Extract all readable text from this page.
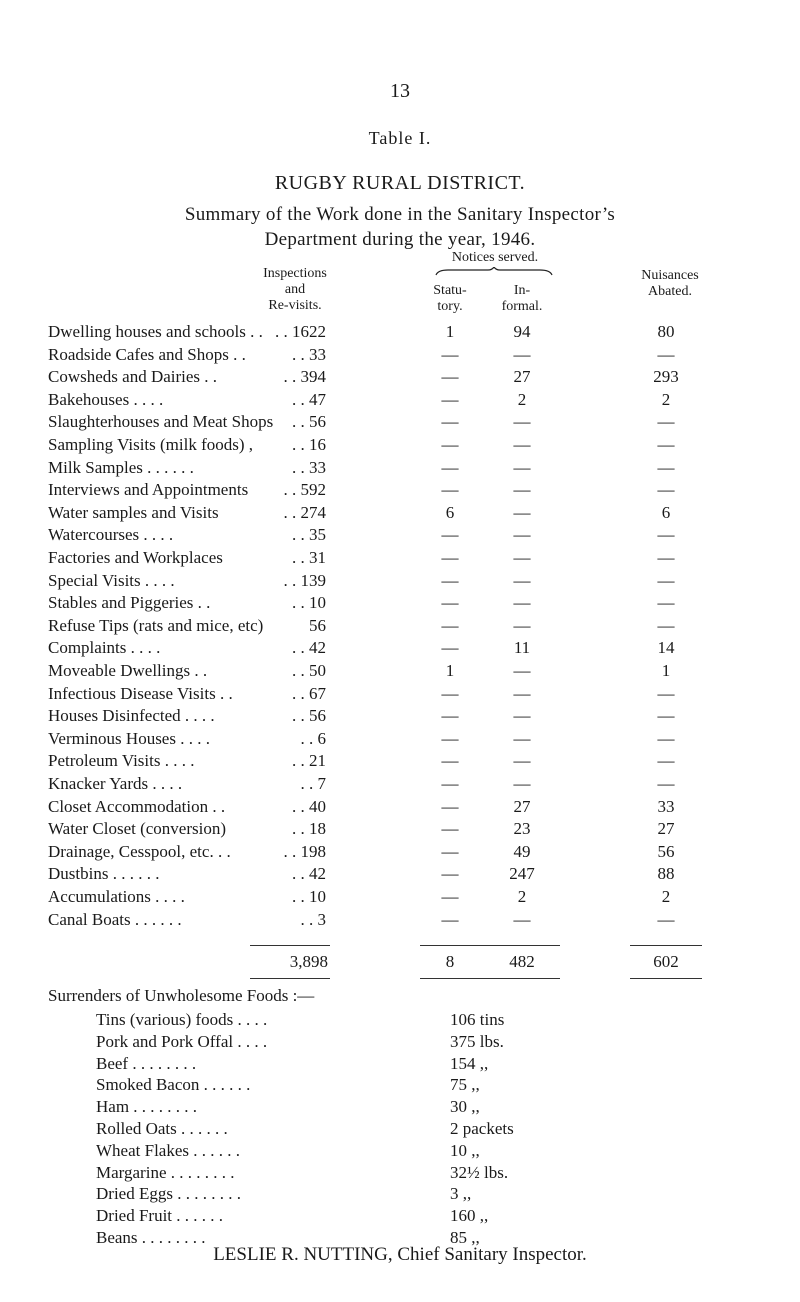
13
Table I.
RUGBY RURAL DISTRICT.
Summary of the Work done in the Sanitary Inspector’s
Department during the year, 1946.
Inspections
and
Re-visits.
Notices served.
Statu-
tory.
In-
formal.
Nuisances
Abated.
Dwelling houses and schools . . . . 1622	1	94	80
Roadside Cafes and Shops . .	. . 33	—	—	—
Cowsheds and Dairies . .	. . 394	—	27	293
Bakehouses . . . .	. . 47	—	2	2
Slaughterhouses and Meat Shops	. . 56	—	—	—
Sampling Visits (milk foods) ,	. . 16	—	—	—
Milk Samples . . . . . .	. . 33	—	—	—
Interviews and Appointments	. . 592	—	—	—
Water samples and Visits	. . 274	6	—	6
Watercourses . . . .	. . 35	—	—	—
Factories and Workplaces	. . 31	—	—	—
Special Visits . . . .	. . 139	—	—	—
Stables and Piggeries . .	. . 10	—	—	—
Refuse Tips (rats and mice, etc)	56	—	—	—
Complaints . . . .	. . 42	—	11	14
Moveable Dwellings . .	. . 50	1	—	1
Infectious Disease Visits . .	. . 67	—	—	—
Houses Disinfected . . . .	. . 56	—	—	—
Verminous Houses . . . .	. . 6	—	—	—
Petroleum Visits . . . .	. . 21	—	—	—
Knacker Yards . . . .	. . 7	—	—	—
Closet Accommodation . .	. . 40	—	27	33
Water Closet (conversion)	. . 18	—	23	27
Drainage, Cesspool, etc. . .	. . 198	—	49	56
Dustbins . . . . . .	. . 42	—	247	88
Accumulations . . . .	. . 10	—	2	2
Canal Boats . . . . . .	. . 3	—	—	—
3,898	8	482	602
Surrenders of Unwholesome Foods :—
Tins (various) foods . . . .	106 tins
Pork and Pork Offal . . . .	375 lbs.
Beef . . . . . . . .	154 ,,
Smoked Bacon . . . . . .	75 ,,
Ham . . . . . . . .	30 ,,
Rolled Oats . . . . . .	2 packets
Wheat Flakes . . . . . .	10 ,,
Margarine . . . . . . . .	32½ lbs.
Dried Eggs . . . . . . . .	3 ,,
Dried Fruit . . . . . .	160 ,,
Beans . . . . . . . .	85 ,,
LESLIE R. NUTTING, Chief Sanitary Inspector.
